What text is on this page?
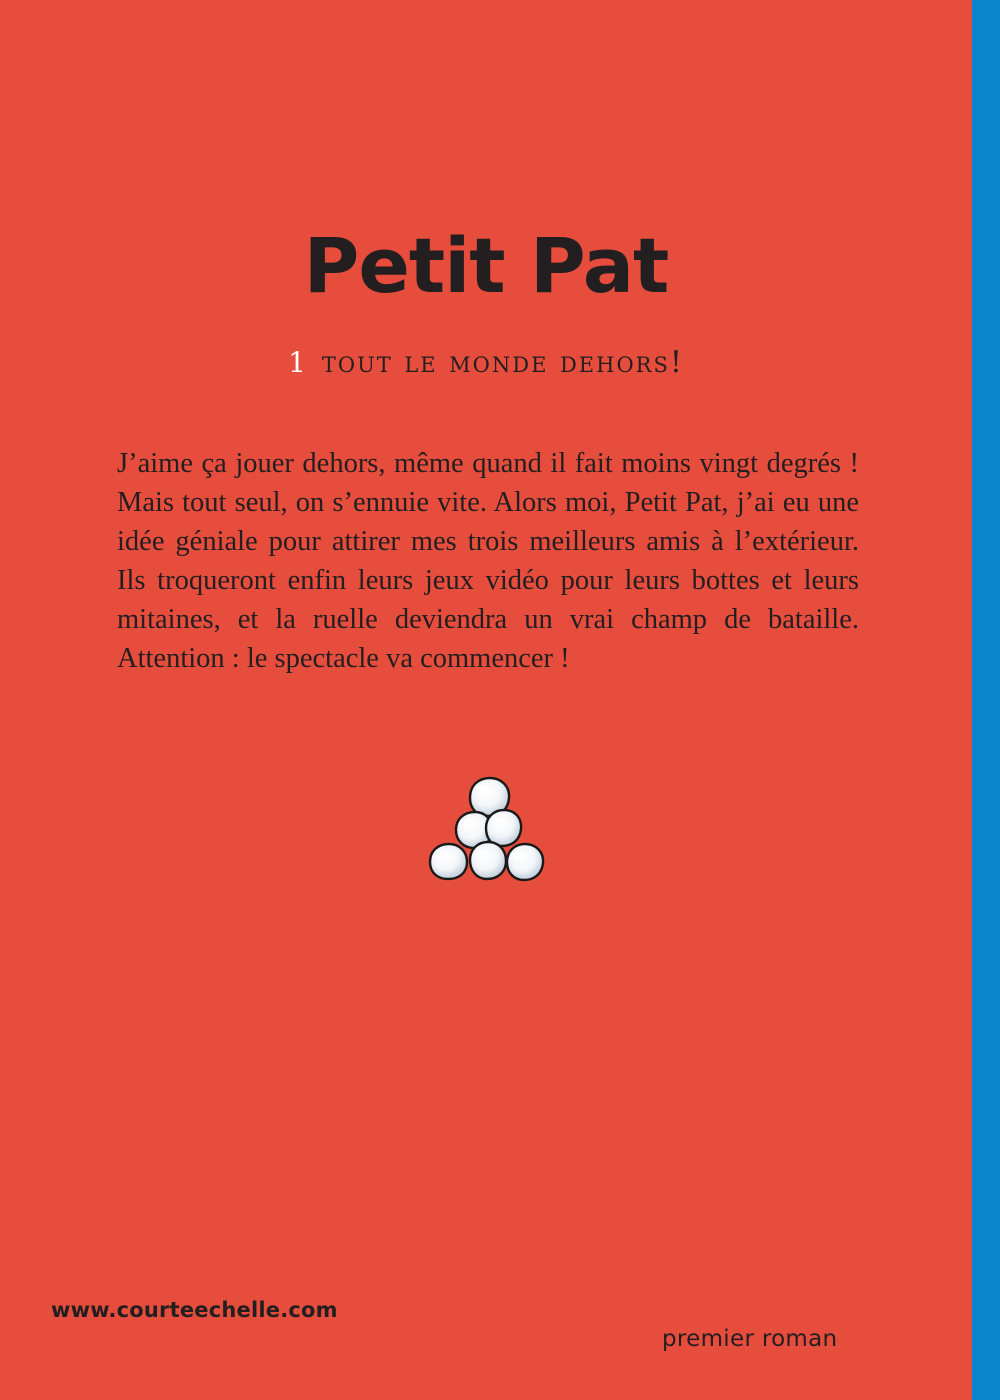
Petit Pat
1 tout le monde dehors!

J’aime ça jouer dehors, même quand il fait moins vingt degrés ! Mais tout seul, on s’ennuie vite. Alors moi, Petit Pat, j’ai eu une idée géniale pour attirer mes trois meilleurs amis à l’extérieur. Ils troqueront enfin leurs jeux vidéo pour leurs bottes et leurs mitaines, et la ruelle deviendra un vrai champ de bataille. Attention : le spectacle va commencer !

www.courteechelle.com
premier roman
